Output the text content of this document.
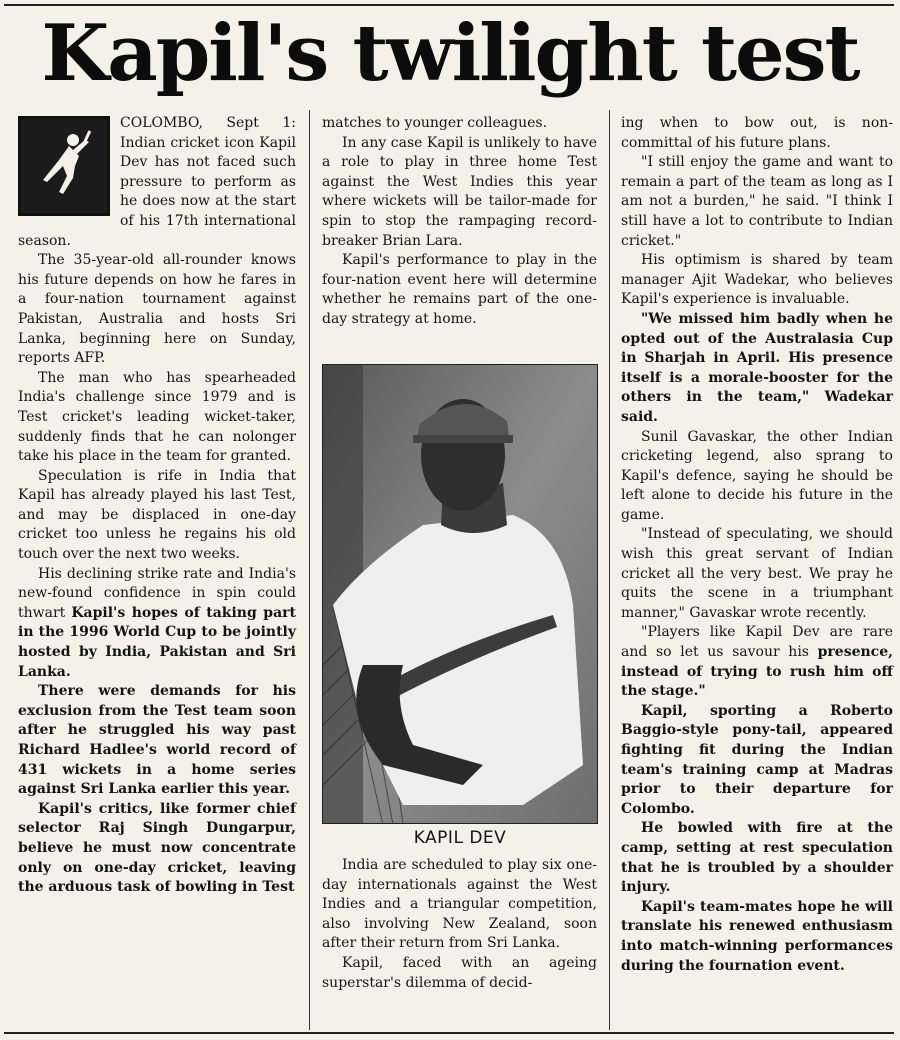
Kapil's twilight test

COLOMBO, Sept 1: Indian cricket icon Kapil Dev has not faced such pressure to perform as he does now at the start of his 17th international season.

The 35-year-old all-rounder knows his future depends on how he fares in a four-nation tournament against Pakistan, Australia and hosts Sri Lanka, beginning here on Sunday, reports AFP.

The man who has spearheaded India's challenge since 1979 and is Test cricket's leading wicket-taker, suddenly finds that he can nolonger take his place in the team for granted.

Speculation is rife in India that Kapil has already played his last Test, and may be displaced in one-day cricket too unless he regains his old touch over the next two weeks.

His declining strike rate and India's new-found confidence in spin could thwart Kapil's hopes of taking part in the 1996 World Cup to be jointly hosted by India, Pakistan and Sri Lanka.

There were demands for his exclusion from the Test team soon after he struggled his way past Richard Hadlee's world record of 431 wickets in a home series against Sri Lanka earlier this year.

Kapil's critics, like former chief selector Raj Singh Dungarpur, believe he must now concentrate only on one-day cricket, leaving the arduous task of bowling in Test

matches to younger colleagues.

In any case Kapil is unlikely to have a role to play in three home Test against the West Indies this year where wickets will be tailor-made for spin to stop the rampaging record-breaker Brian Lara.

Kapil's performance to play in the four-nation event here will determine whether he remains part of the one-day strategy at home.

KAPIL DEV

India are scheduled to play six one-day internationals against the West Indies and a triangular competition, also involving New Zealand, soon after their return from Sri Lanka.

Kapil, faced with an ageing superstar's dilemma of decid-

ing when to bow out, is non-committal of his future plans.

"I still enjoy the game and want to remain a part of the team as long as I am not a burden," he said. "I think I still have a lot to contribute to Indian cricket."

His optimism is shared by team manager Ajit Wadekar, who believes Kapil's experience is invaluable.

"We missed him badly when he opted out of the Australasia Cup in Sharjah in April. His presence itself is a morale-booster for the others in the team," Wadekar said.

Sunil Gavaskar, the other Indian cricketing legend, also sprang to Kapil's defence, saying he should be left alone to decide his future in the game.

"Instead of speculating, we should wish this great servant of Indian cricket all the very best. We pray he quits the scene in a triumphant manner," Gavaskar wrote recently.

"Players like Kapil Dev are rare and so let us savour his presence, instead of trying to rush him off the stage."

Kapil, sporting a Roberto Baggio-style pony-tail, appeared fighting fit during the Indian team's training camp at Madras prior to their departure for Colombo.

He bowled with fire at the camp, setting at rest speculation that he is troubled by a shoulder injury.

Kapil's team-mates hope he will translate his renewed enthusiasm into match-winning performances during the fournation event.
